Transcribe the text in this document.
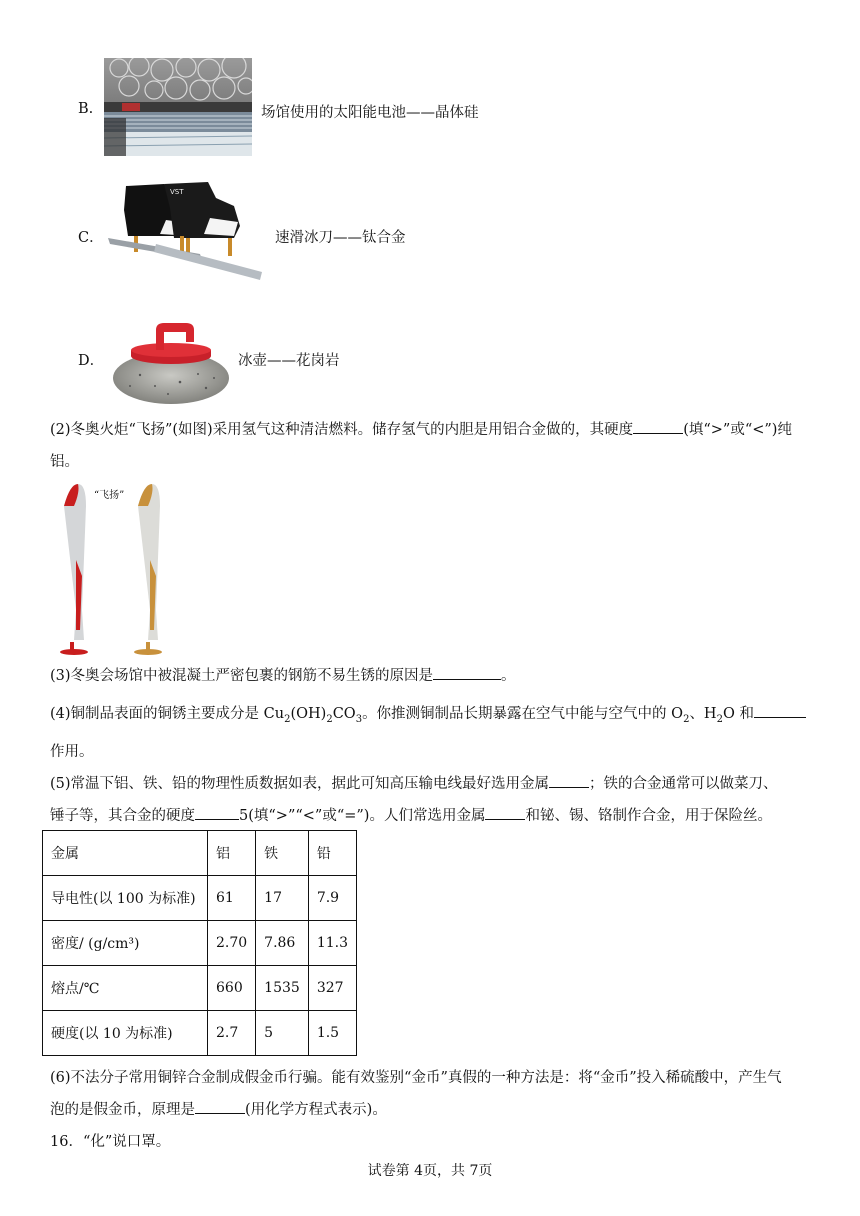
B.	场馆使用的太阳能电池——晶体硅
C．
VST
速滑冰刀——钛合金
D．	冰壶——花岗岩
(2)冬奥火炬“飞扬”(如图)采用氢气这种清洁燃料。储存氢气的内胆是用铝合金做的，其硬度	(填“>”或“<”)纯
铝。
“飞扬”
(3)冬奥会场馆中被混凝土严密包裹的钢筋不易生锈的原因是	。
(4)铜制品表面的铜锈主要成分是 $Cu_2(OH)_2CO_3$。你推测铜制品长期暴露在空气中能与空气中的 $O_2$、$H_2O$ 和
作用。
(5)常温下铝、铁、铅的物理性质数据如表，据此可知高压输电线最好选用金属	；铁的合金通常可以做菜刀、
锤子等，其合金的硬度	5(填“>”“<”或“=”)。人们常选用金属	和铋、锡、铬制作合金，用于保险丝。
金属	铝	铁	铅
导电性(以 100 为标准)	61	17	7.9
密度/ (g/cm³)	2.70	7.86	11.3
熔点/℃	660	1535	327
硬度(以 10 为标准)	2.7	5	1.5
(6)不法分子常用铜锌合金制成假金币行骗。能有效鉴别“金币”真假的一种方法是：将“金币”投入稀硫酸中，产生气
泡的是假金币，原理是	(用化学方程式表示)。
16．“化”说口罩。
试卷第 4页，共 7页
